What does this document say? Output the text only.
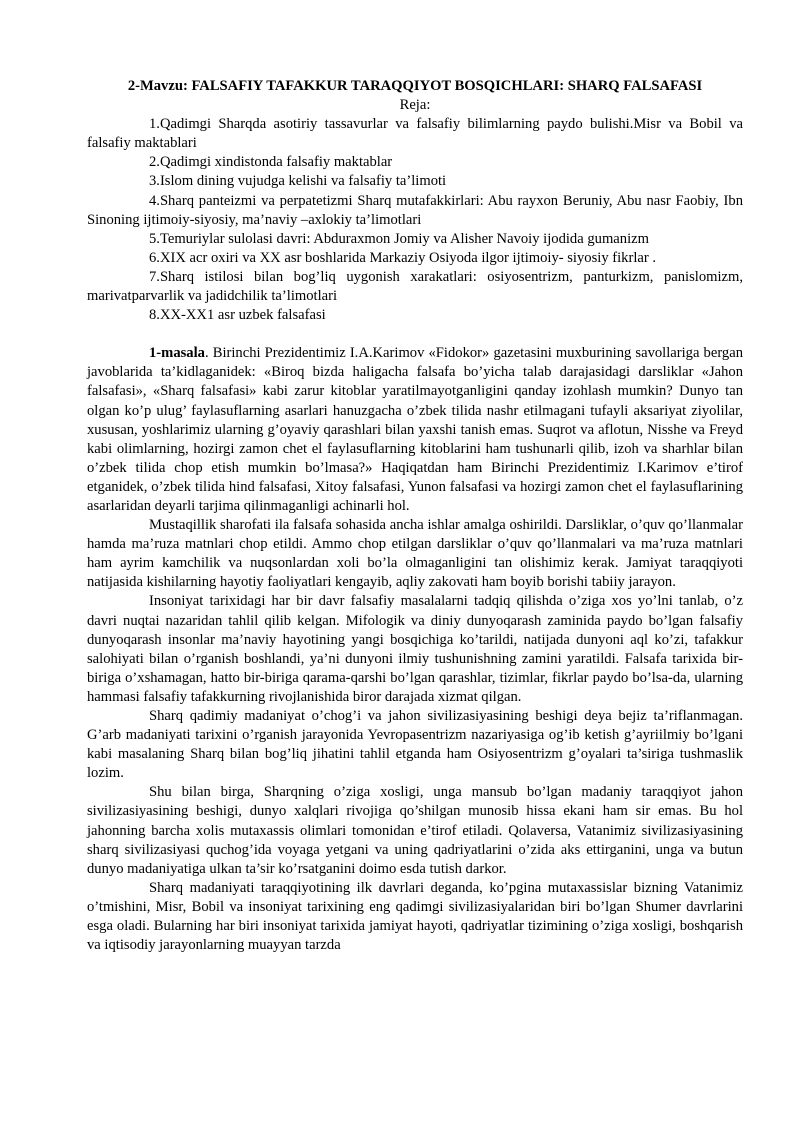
2-Mavzu: FALSAFIY TAFAKKUR TARAQQIYOT BOSQICHLARI: SHARQ FALSAFASI

Reja:

1.Qadimgi Sharqda asotiriy tassavurlar va falsafiy bilimlarning paydo bulishi.Misr va Bobil va falsafiy maktablari
2.Qadimgi xindistonda falsafiy maktablar
3.Islom dining vujudga kelishi va falsafiy ta’limoti
4.Sharq panteizmi va perpatetizmi Sharq mutafakkirlari: Abu rayxon Beruniy, Abu nasr Faobiy, Ibn Sinoning ijtimoiy-siyosiy, ma’naviy –axlokiy ta’limotlari
5.Temuriylar sulolasi davri: Abduraxmon Jomiy va Alisher Navoiy ijodida gumanizm
6.XIX acr oxiri va XX asr boshlarida Markaziy Osiyoda ilgor ijtimoiy- siyosiy fikrlar .
7.Sharq istilosi bilan bog’liq uygonish xarakatlari: osiyosentrizm, panturkizm, panislomizm, marivatparvarlik va jadidchilik ta’limotlari
8.XX-XX1 asr uzbek falsafasi

1-masala. Birinchi Prezidentimiz I.A.Karimov «Fidokor» gazetasini muxburining savollariga bergan javoblarida ta’kidlaganidek: «Biroq bizda haligacha falsafa bo’yicha talab darajasidagi darsliklar «Jahon falsafasi», «Sharq falsafasi» kabi zarur kitoblar yaratilmayotganligini qanday izohlash mumkin? Dunyo tan olgan ko’p ulug’ faylasuflarning asarlari hanuzgacha o’zbek tilida nashr etilmagani tufayli aksariyat ziyolilar, xususan, yoshlarimiz ularning g’oyaviy qarashlari bilan yaxshi tanish emas. Suqrot va aflotun, Nisshe va Freyd kabi olimlarning, hozirgi zamon chet el faylasuflarning kitoblarini ham tushunarli qilib, izoh va sharhlar bilan o’zbek tilida chop etish mumkin bo’lmasa?» Haqiqatdan ham Birinchi Prezidentimiz I.Karimov e’tirof etganidek, o’zbek tilida hind falsafasi, Xitoy falsafasi, Yunon falsafasi va hozirgi zamon chet el faylasuflarining asarlaridan deyarli tarjima qilinmaganligi achinarli hol.

Mustaqillik sharofati ila falsafa sohasida ancha ishlar amalga oshirildi. Darsliklar, o’quv qo’llanmalar hamda ma’ruza matnlari chop etildi. Ammo chop etilgan darsliklar o’quv qo’llanmalari va ma’ruza matnlari ham ayrim kamchilik va nuqsonlardan xoli bo’la olmaganligini tan olishimiz kerak. Jamiyat taraqqiyoti natijasida kishilarning hayotiy faoliyatlari kengayib, aqliy zakovati ham boyib borishi tabiiy jarayon.

Insoniyat tarixidagi har bir davr falsafiy masalalarni tadqiq qilishda o’ziga xos yo’lni tanlab, o’z davri nuqtai nazaridan tahlil qilib kelgan. Mifologik va diniy dunyoqarash zaminida paydo bo’lgan falsafiy dunyoqarash insonlar ma’naviy hayotining yangi bosqichiga ko’tarildi, natijada dunyoni aql ko’zi, tafakkur salohiyati bilan o’rganish boshlandi, ya’ni dunyoni ilmiy tushunishning zamini yaratildi. Falsafa tarixida bir-biriga o’xshamagan, hatto bir-biriga qarama-qarshi bo’lgan qarashlar, tizimlar, fikrlar paydo bo’lsa-da, ularning hammasi falsafiy tafakkurning rivojlanishida biror darajada xizmat qilgan.

Sharq qadimiy madaniyat o’chog’i va jahon sivilizasiyasining beshigi deya bejiz ta’riflanmagan. G’arb madaniyati tarixini o’rganish jarayonida Yevropasentrizm nazariyasiga og’ib ketish g’ayriilmiy bo’lgani kabi masalaning Sharq bilan bog’liq jihatini tahlil etganda ham Osiyosentrizm g’oyalari ta’siriga tushmaslik lozim.

Shu bilan birga, Sharqning o’ziga xosligi, unga mansub bo’lgan madaniy taraqqiyot jahon sivilizasiyasining beshigi, dunyo xalqlari rivojiga qo’shilgan munosib hissa ekani ham sir emas. Bu hol jahonning barcha xolis mutaxassis olimlari tomonidan e’tirof etiladi. Qolaversa, Vatanimiz sivilizasiyasining sharq sivilizasiyasi quchog’ida voyaga yetgani va uning qadriyatlarini o’zida aks ettirganini, unga va butun dunyo madaniyatiga ulkan ta’sir ko’rsatganini doimo esda tutish darkor.

Sharq madaniyati taraqqiyotining ilk davrlari deganda, ko’pgina mutaxassislar bizning Vatanimiz o’tmishini, Misr, Bobil va insoniyat tarixining eng qadimgi sivilizasiyalaridan biri bo’lgan Shumer davrlarini esga oladi. Bularning har biri insoniyat tarixida jamiyat hayoti, qadriyatlar tizimining o’ziga xosligi, boshqarish va iqtisodiy jarayonlarning muayyan tarzda
